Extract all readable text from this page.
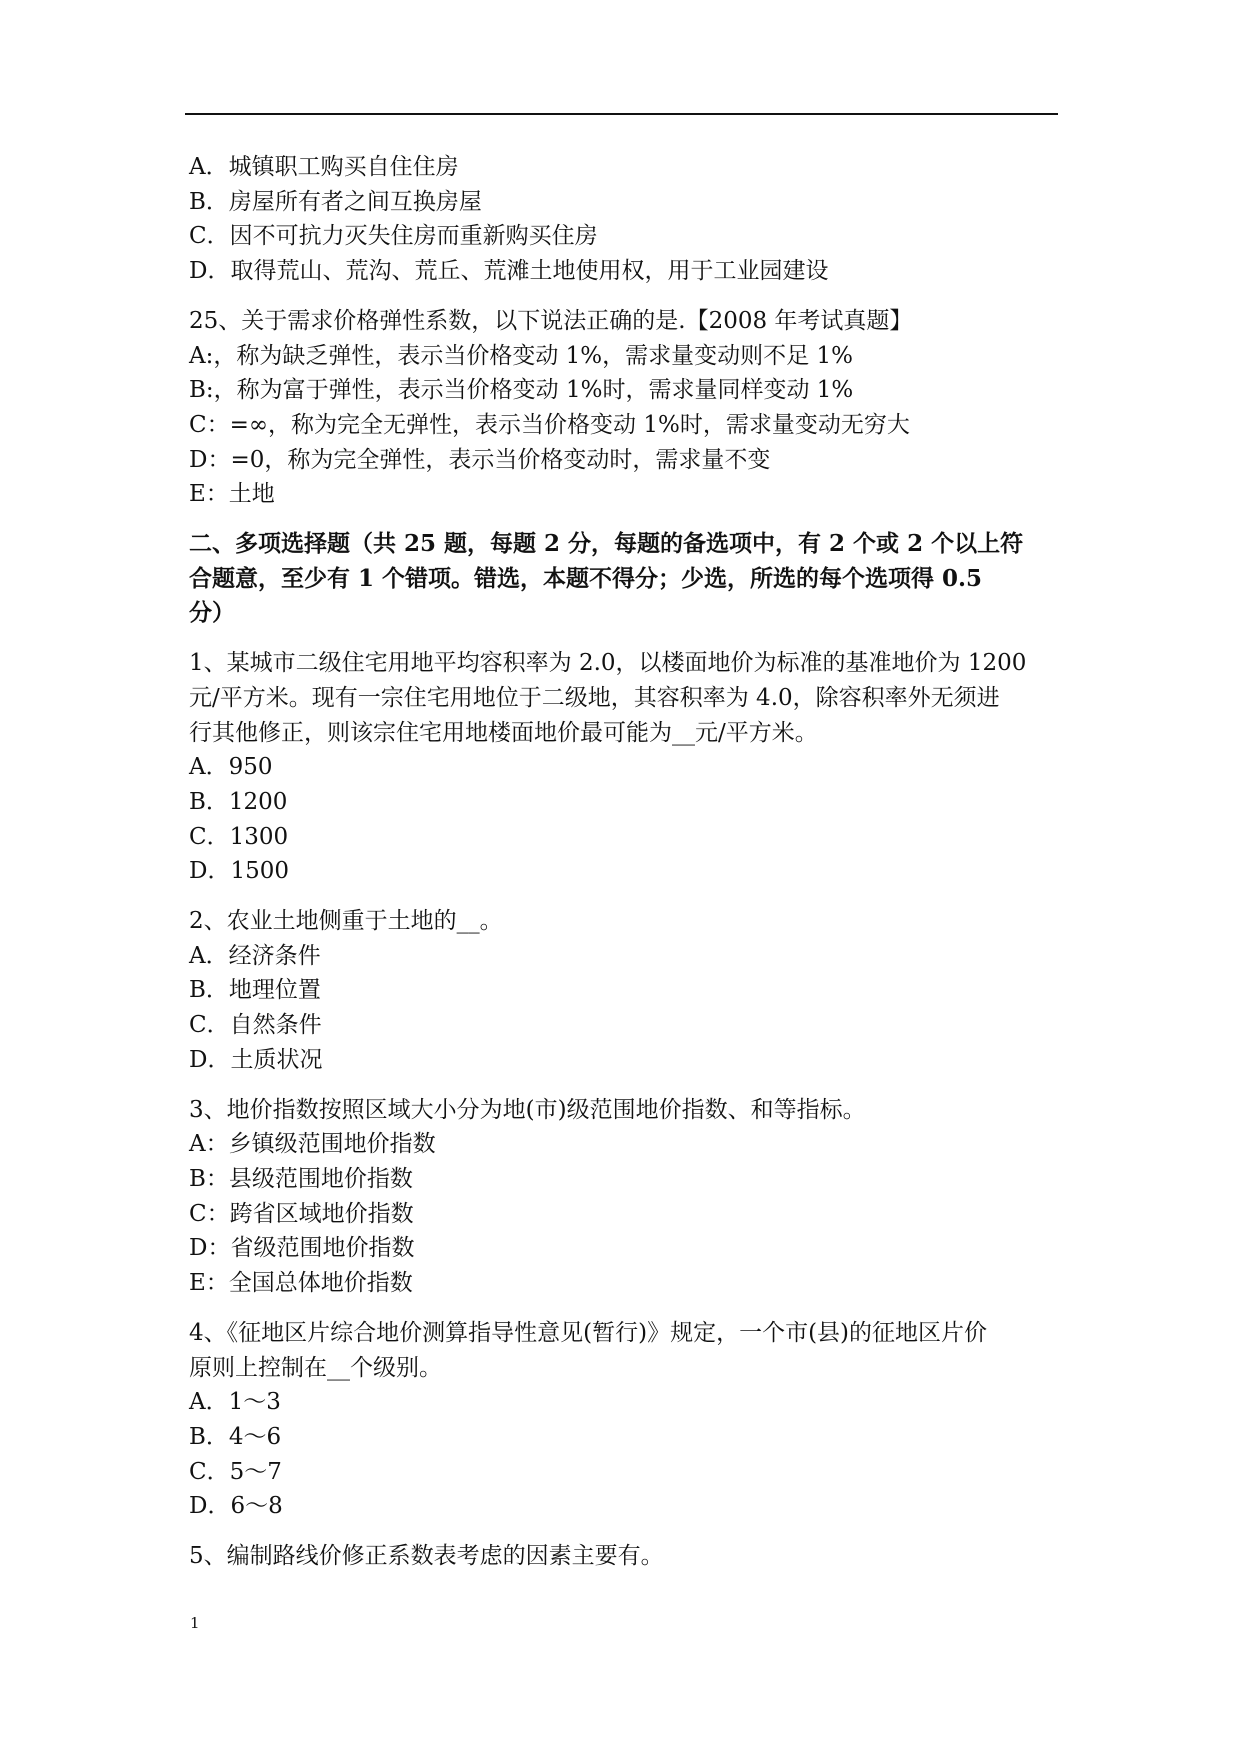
A．城镇职工购买自住住房
B．房屋所有者之间互换房屋
C．因不可抗力灭失住房而重新购买住房
D．取得荒山、荒沟、荒丘、荒滩土地使用权，用于工业园建设
25、关于需求价格弹性系数，以下说法正确的是.【2008 年考试真题】
A:，称为缺乏弹性，表示当价格变动 1%，需求量变动则不足 1%
B:，称为富于弹性，表示当价格变动 1%时，需求量同样变动 1%
C：=∞，称为完全无弹性，表示当价格变动 1%时，需求量变动无穷大
D：=0，称为完全弹性，表示当价格变动时，需求量不变
E：土地
二、多项选择题（共 25 题，每题 2 分，每题的备选项中，有 2 个或 2 个以上符
合题意，至少有 1 个错项。错选，本题不得分；少选，所选的每个选项得 0.5
分）
1、某城市二级住宅用地平均容积率为 2.0，以楼面地价为标准的基准地价为 1200
元/平方米。现有一宗住宅用地位于二级地，其容积率为 4.0，除容积率外无须进
行其他修正，则该宗住宅用地楼面地价最可能为__元/平方米。
A．950
B．1200
C．1300
D．1500
2、农业土地侧重于土地的__。
A．经济条件
B．地理位置
C．自然条件
D．土质状况
3、地价指数按照区域大小分为地(市)级范围地价指数、和等指标。
A：乡镇级范围地价指数
B：县级范围地价指数
C：跨省区域地价指数
D：省级范围地价指数
E：全国总体地价指数
4、《征地区片综合地价测算指导性意见(暂行)》规定，一个市(县)的征地区片价
原则上控制在__个级别。
A．1～3
B．4～6
C．5～7
D．6～8
5、编制路线价修正系数表考虑的因素主要有。
1
